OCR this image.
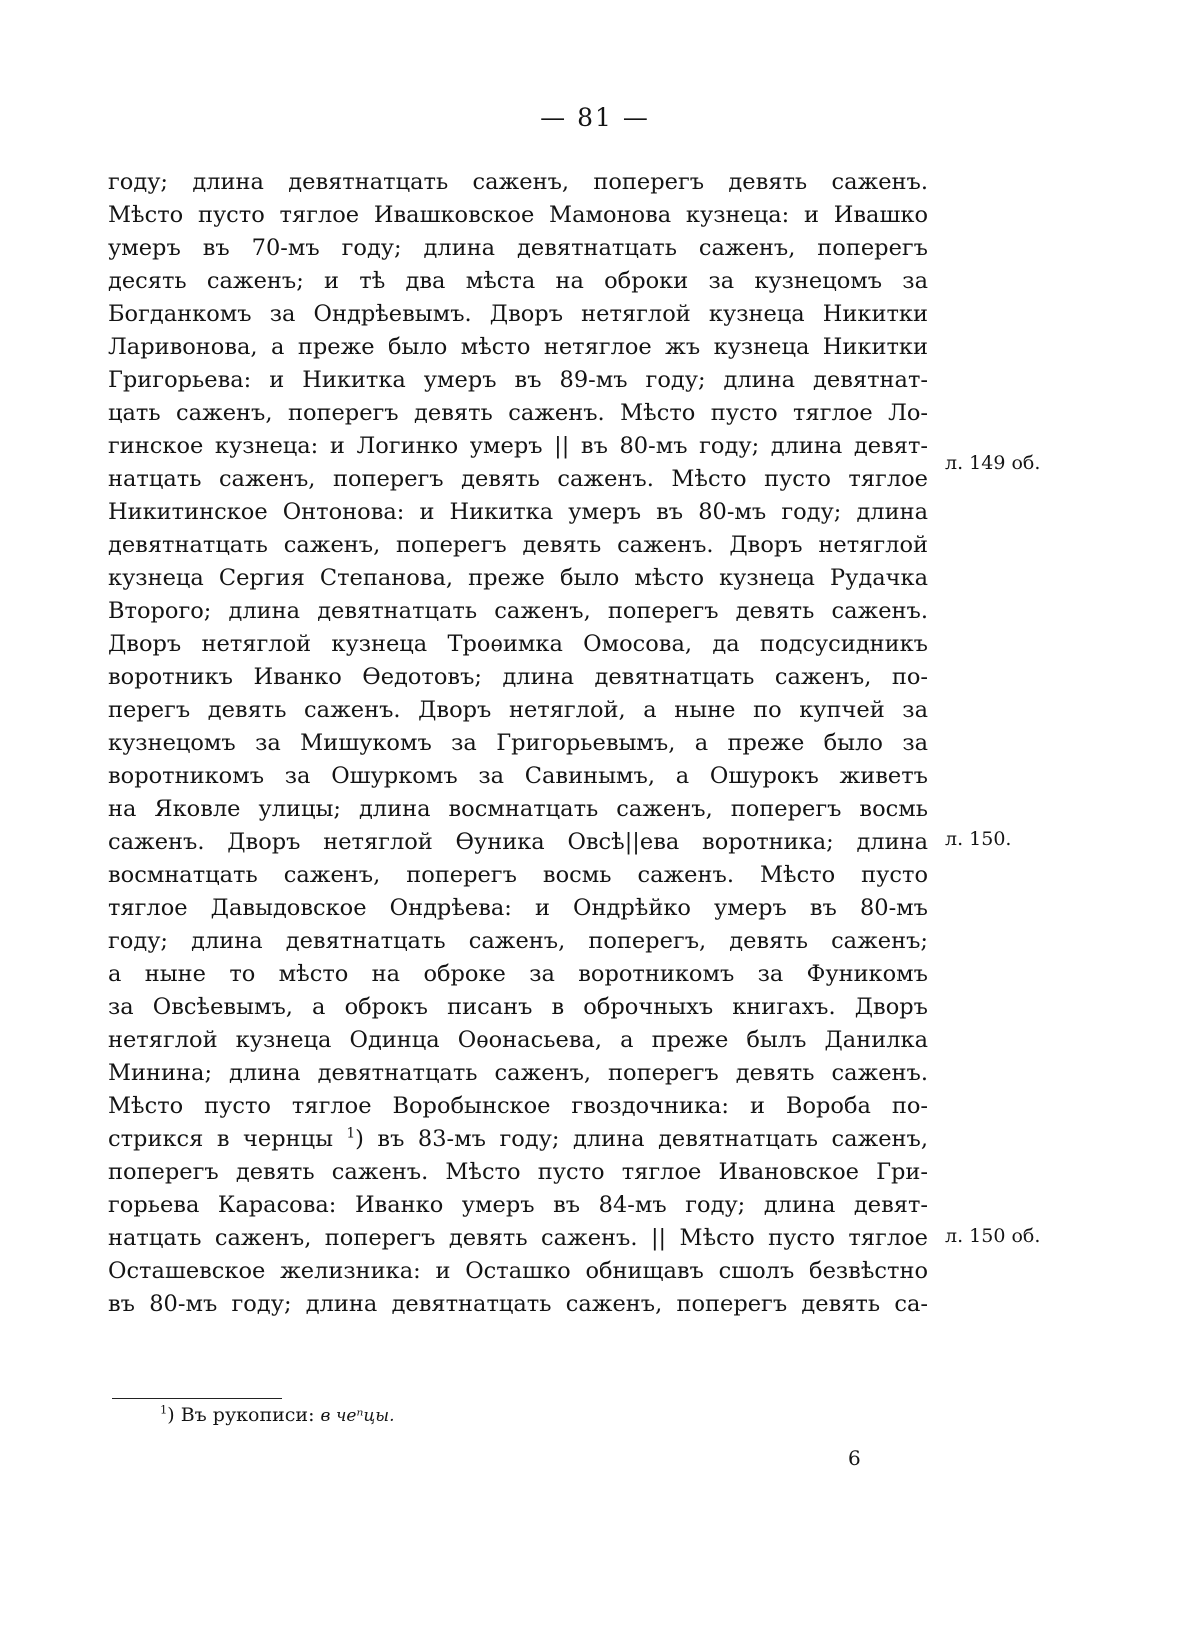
— 81 —
году; длина девятнатцать саженъ, поперегъ девять саженъ.
Мѣсто пусто тяглое Ивашковское Мамонова кузнеца: и Ивашко
умеръ въ 70-мъ году; длина девятнатцать саженъ, поперегъ
десять саженъ; и тѣ два мѣста на оброки за кузнецомъ за
Богданкомъ за Ондрѣевымъ. Дворъ нетяглой кузнеца Никитки
Ларивонова, а преже было мѣсто нетяглое жъ кузнеца Никитки
Григорьева: и Никитка умеръ въ 89-мъ году; длина девятнат-
цать саженъ, поперегъ девять саженъ. Мѣсто пусто тяглое Ло-
гинское кузнеца: и Логинко умеръ || въ 80-мъ году; длина девят-
натцать саженъ, поперегъ девять саженъ. Мѣсто пусто тяглое
Никитинское Онтонова: и Никитка умеръ въ 80-мъ году; длина
девятнатцать саженъ, поперегъ девять саженъ. Дворъ нетяглой
кузнеца Сергия Степанова, преже было мѣсто кузнеца Рудачка
Второго; длина девятнатцать саженъ, поперегъ девять саженъ.
Дворъ нетяглой кузнеца Троѳимка Омосова, да подсусидникъ
воротникъ Иванко Ѳедотовъ; длина девятнатцать саженъ, по-
перегъ девять саженъ. Дворъ нетяглой, а ныне по купчей за
кузнецомъ за Мишукомъ за Григорьевымъ, а преже было за
воротникомъ за Ошуркомъ за Савинымъ, а Ошурокъ живетъ
на Яковле улицы; длина восмнатцать саженъ, поперегъ восмь
саженъ. Дворъ нетяглой Ѳуника Овсѣ||ева воротника; длина
восмнатцать саженъ, поперегъ восмь саженъ. Мѣсто пусто
тяглое Давыдовское Ондрѣева: и Ондрѣйко умеръ въ 80-мъ
году; длина девятнатцать саженъ, поперегъ, девять саженъ;
а ныне то мѣсто на оброке за воротникомъ за Фуникомъ
за Овсѣевымъ, а оброкъ писанъ в оброчныхъ книгахъ. Дворъ
нетяглой кузнеца Одинца Оѳонасьева, а преже былъ Данилка
Минина; длина девятнатцать саженъ, поперегъ девять саженъ.
Мѣсто пусто тяглое Воробынское гвоздочника: и Вороба по-
стрикся в чернцы $^1$) въ 83-мъ году; длина девятнатцать саженъ,
поперегъ девять саженъ. Мѣсто пусто тяглое Ивановское Гри-
горьева Карасова: Иванко умеръ въ 84-мъ году; длина девят-
натцать саженъ, поперегъ девять саженъ. || Мѣсто пусто тяглое
Осташевское желизника: и Осташко обнищавъ сшолъ безвѣстно
въ 80-мъ году; длина девятнатцать саженъ, поперегъ девять са-
л. 149 об.
л. 150.
л. 150 об.
$^1$) Въ рукописи: в чеⁿцы.
6
